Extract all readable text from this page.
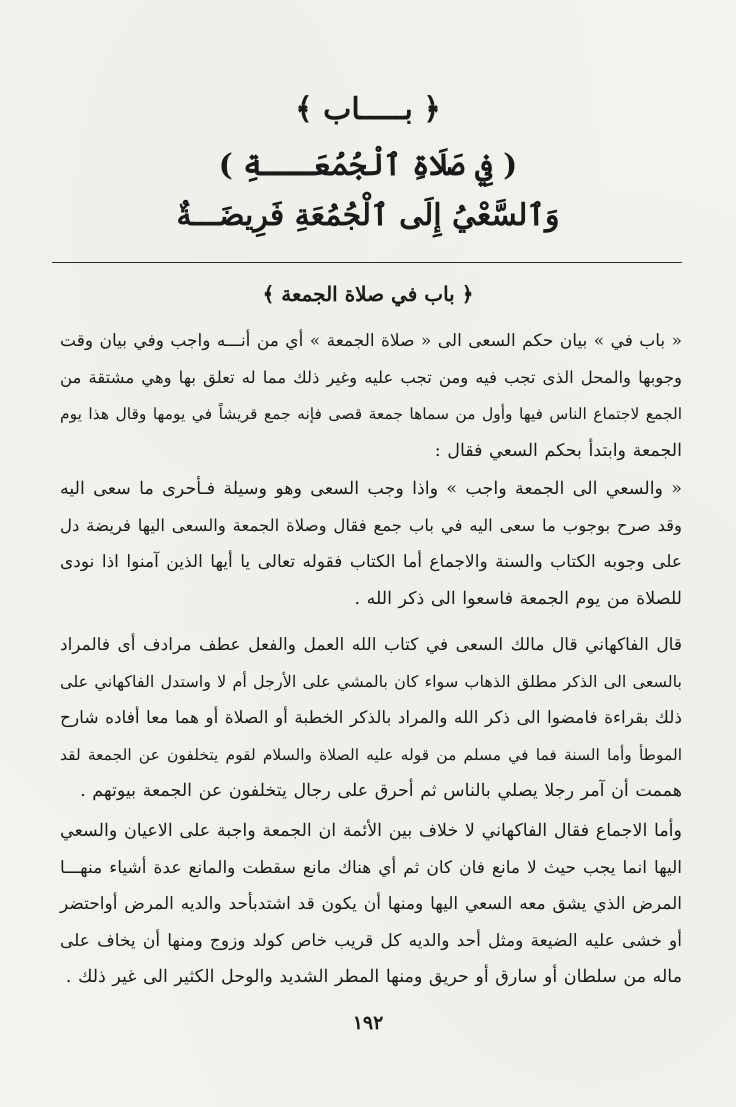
﴿ بـــــاب ﴾
( فِي صَلَاةِ ٱلْجُمُعَـــةِ )
وَٱلسَّعْيُ إِلَى ٱلْجُمُعَةِ فَرِيضَـــةٌ
﴿ باب في صلاة الجمعة ﴾
« باب في » بيان حكم السعى الى « صلاة الجمعة » أي من أنـــه واجب وفي بيان وقت
وجوبها والمحل الذى تجب فيه ومن تجب عليه وغير ذلك مما له تعلق بها وهي مشتقة من
الجمع لاجتماع الناس فيها وأول من سماها جمعة قصى فإنه جمع قريشاً في يومها وقال هذا يوم
الجمعة وابتدأ بحكم السعي فقال :
« والسعي الى الجمعة واجب » واذا وجب السعى وهو وسيلة فـأحرى ما سعى اليه
وقد صرح بوجوب ما سعى اليه في باب جمع فقال وصلاة الجمعة والسعى اليها فريضة دل
على وجوبه الكتاب والسنة والاجماع أما الكتاب فقوله تعالى يا أيها الذين آمنوا اذا نودى
للصلاة من يوم الجمعة فاسعوا الى ذكر الله .
قال الفاكهاني قال مالك السعى في كتاب الله العمل والفعل عطف مرادف أى فالمراد
بالسعى الى الذكر مطلق الذهاب سواء كان بالمشي على الأرجل أم لا واستدل الفاكهاني على
ذلك بقراءة فامضوا الى ذكر الله والمراد بالذكر الخطبة أو الصلاة أو هما معا أفاده شارح
الموطأ وأما السنة فما في مسلم من قوله عليه الصلاة والسلام لقوم يتخلفون عن الجمعة لقد
هممت أن آمر رجلا يصلي بالناس ثم أحرق على رجال يتخلفون عن الجمعة بيوتهم .
وأما الاجماع فقال الفاكهاني لا خلاف بين الأئمة ان الجمعة واجبة على الاعيان والسعي
اليها انما يجب حيث لا مانع فان كان ثم أي هناك مانع سقطت والمانع عدة أشياء منهـــا
المرض الذي يشق معه السعي اليها ومنها أن يكون قد اشتدبأحد والديه المرض أواحتضر
أو خشى عليه الضيعة ومثل أحد والديه كل قريب خاص كولد وزوج ومنها أن يخاف على
ماله من سلطان أو سارق أو حريق ومنها المطر الشديد والوحل الكثير الى غير ذلك .
١٩٢
